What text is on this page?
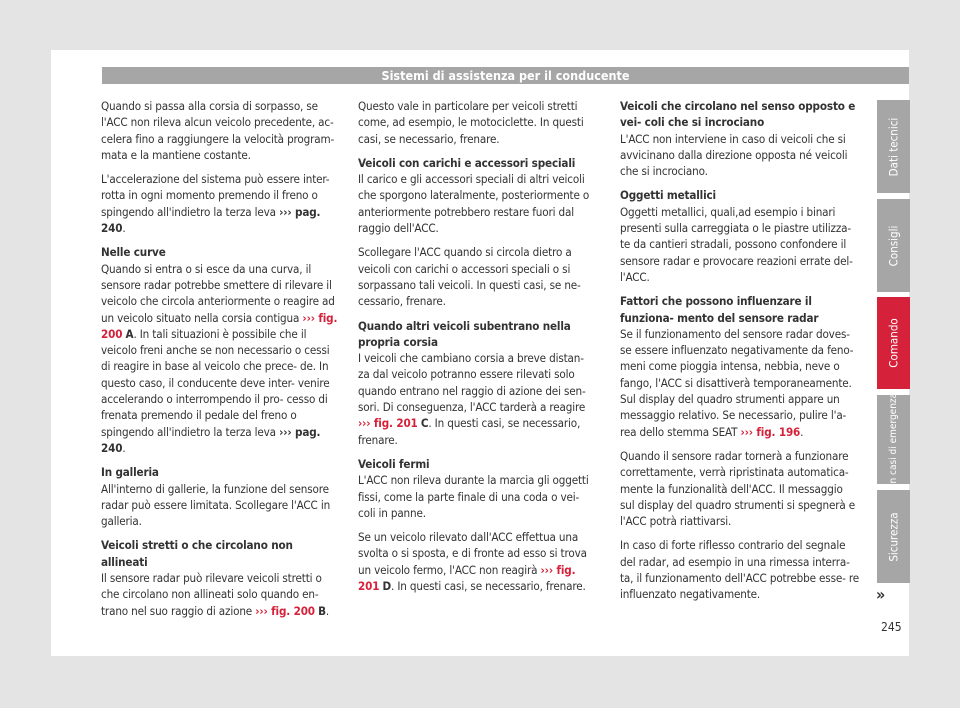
Sistemi di assistenza per il conducente

Quando si passa alla corsia di sorpasso, se l'ACC non rileva alcun veicolo precedente, ac- celera fino a raggiungere la velocità program- mata e la mantiene costante.

L'accelerazione del sistema può essere inter- rotta in ogni momento premendo il freno o spingendo all'indietro la terza leva ››› pag. 240.

Nelle curve

Quando si entra o si esce da una curva, il sensore radar potrebbe smettere di rilevare il veicolo che circola anteriormente o reagire ad un veicolo situato nella corsia contigua ››› fig. 200 A. In tali situazioni è possibile che il veicolo freni anche se non necessario o cessi di reagire in base al veicolo che prece- de. In questo caso, il conducente deve inter- venire accelerando o interrompendo il pro- cesso di frenata premendo il pedale del freno o spingendo all'indietro la terza leva ››› pag. 240.

In galleria

All'interno di gallerie, la funzione del sensore radar può essere limitata. Scollegare l'ACC in galleria.

Veicoli stretti o che circolano non allineati

Il sensore radar può rilevare veicoli stretti o che circolano non allineati solo quando en- trano nel suo raggio di azione ››› fig. 200 B.

Questo vale in particolare per veicoli stretti come, ad esempio, le motociclette. In questi casi, se necessario, frenare.

Veicoli con carichi e accessori speciali

Il carico e gli accessori speciali di altri veicoli che sporgono lateralmente, posteriormente o anteriormente potrebbero restare fuori dal raggio dell'ACC.

Scollegare l'ACC quando si circola dietro a veicoli con carichi o accessori speciali o si sorpassano tali veicoli. In questi casi, se ne- cessario, frenare.

Quando altri veicoli subentrano nella propria corsia

I veicoli che cambiano corsia a breve distan- za dal veicolo potranno essere rilevati solo quando entrano nel raggio di azione dei sen- sori. Di conseguenza, l'ACC tarderà a reagire ››› fig. 201 C. In questi casi, se necessario, frenare.

Veicoli fermi

L'ACC non rileva durante la marcia gli oggetti fissi, come la parte finale di una coda o vei- coli in panne.

Se un veicolo rilevato dall'ACC effettua una svolta o si sposta, e di fronte ad esso si trova un veicolo fermo, l'ACC non reagirà ››› fig. 201 D. In questi casi, se necessario, frenare.

Veicoli che circolano nel senso opposto e vei- coli che si incrociano

L'ACC non interviene in caso di veicoli che si avvicinano dalla direzione opposta né veicoli che si incrociano.

Oggetti metallici

Oggetti metallici, quali,ad esempio i binari presenti sulla carreggiata o le piastre utilizza- te da cantieri stradali, possono confondere il sensore radar e provocare reazioni errate del- l'ACC.

Fattori che possono influenzare il funziona- mento del sensore radar

Se il funzionamento del sensore radar doves- se essere influenzato negativamente da feno- meni come pioggia intensa, nebbia, neve o fango, l'ACC si disattiverà temporaneamente. Sul display del quadro strumenti appare un messaggio relativo. Se necessario, pulire l'a- rea dello stemma SEAT ››› fig. 196.

Quando il sensore radar tornerà a funzionare correttamente, verrà ripristinata automatica- mente la funzionalità dell'ACC. Il messaggio sul display del quadro strumenti si spegnerà e l'ACC potrà riattivarsi.

In caso di forte riflesso contrario del segnale del radar, ad esempio in una rimessa interra- ta, il funzionamento dell'ACC potrebbe esse- re influenzato negativamente.	»
245
Dati tecnici
Consigli
Comando
In casi di emergenza
Sicurezza
